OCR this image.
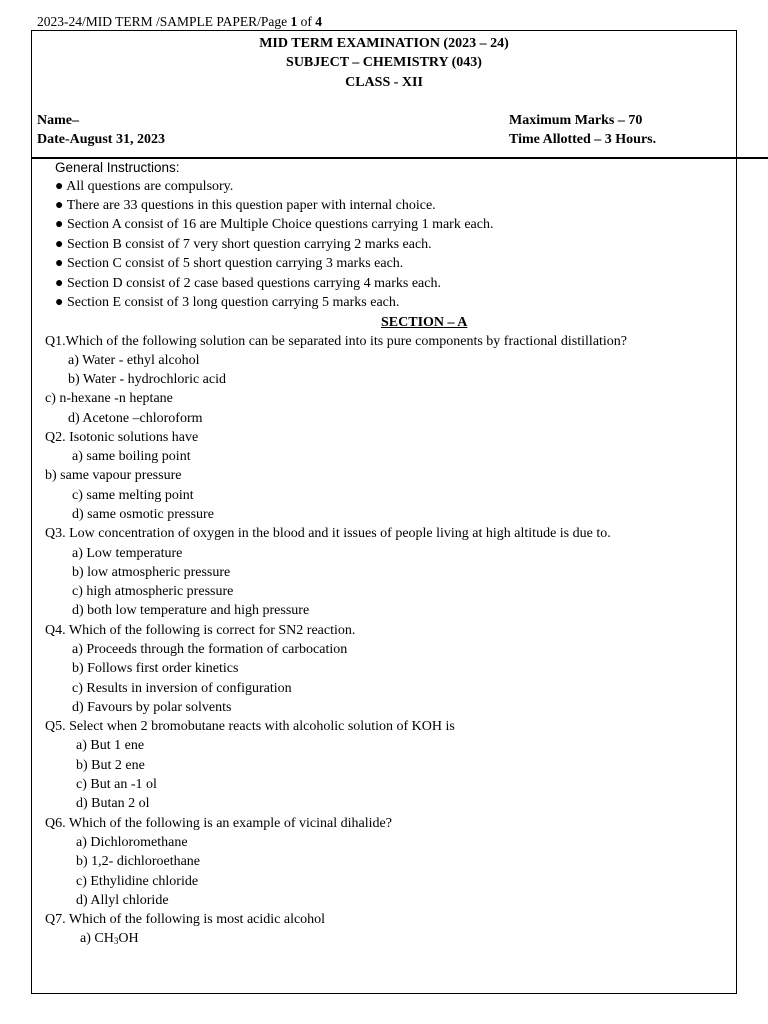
2023-24/MID TERM /SAMPLE PAPER/Page 1 of 4
MID TERM EXAMINATION (2023 – 24)
SUBJECT – CHEMISTRY (043)
CLASS - XII
Name–
Date-August 31, 2023
Maximum Marks – 70
Time Allotted – 3 Hours.
General Instructions:
● All questions are compulsory.
● There are 33 questions in this question paper with internal choice.
● Section A consist of 16 are Multiple Choice questions carrying 1 mark each.
● Section B consist of 7 very short question carrying 2 marks each.
● Section C consist of 5 short question carrying 3 marks each.
● Section D consist of 2 case based questions carrying 4 marks each.
● Section E consist of 3 long question carrying 5 marks each.
SECTION – A
Q1.Which of the following solution can be separated into its pure components by fractional distillation?
a) Water - ethyl alcohol
b) Water - hydrochloric acid
c) n-hexane -n heptane
d) Acetone –chloroform
Q2. Isotonic solutions have
a) same boiling point
b) same vapour pressure
c) same melting point
d) same osmotic pressure
Q3. Low concentration of oxygen in the blood and it issues of people living at high altitude is due to.
a) Low temperature
b) low atmospheric pressure
c) high atmospheric pressure
d) both low temperature and high pressure
Q4. Which of the following is correct for SN2 reaction.
a) Proceeds through the formation of carbocation
b) Follows first order kinetics
c) Results in inversion of configuration
d) Favours by polar solvents
Q5. Select when 2 bromobutane reacts with alcoholic solution of KOH is
a) But 1 ene
b) But 2 ene
c) But an -1 ol
d) Butan 2 ol
Q6. Which of the following is an example of vicinal dihalide?
a) Dichloromethane
b) 1,2- dichloroethane
c) Ethylidine chloride
d) Allyl chloride
Q7. Which of the following is most acidic alcohol
a) $CH_3OH$
